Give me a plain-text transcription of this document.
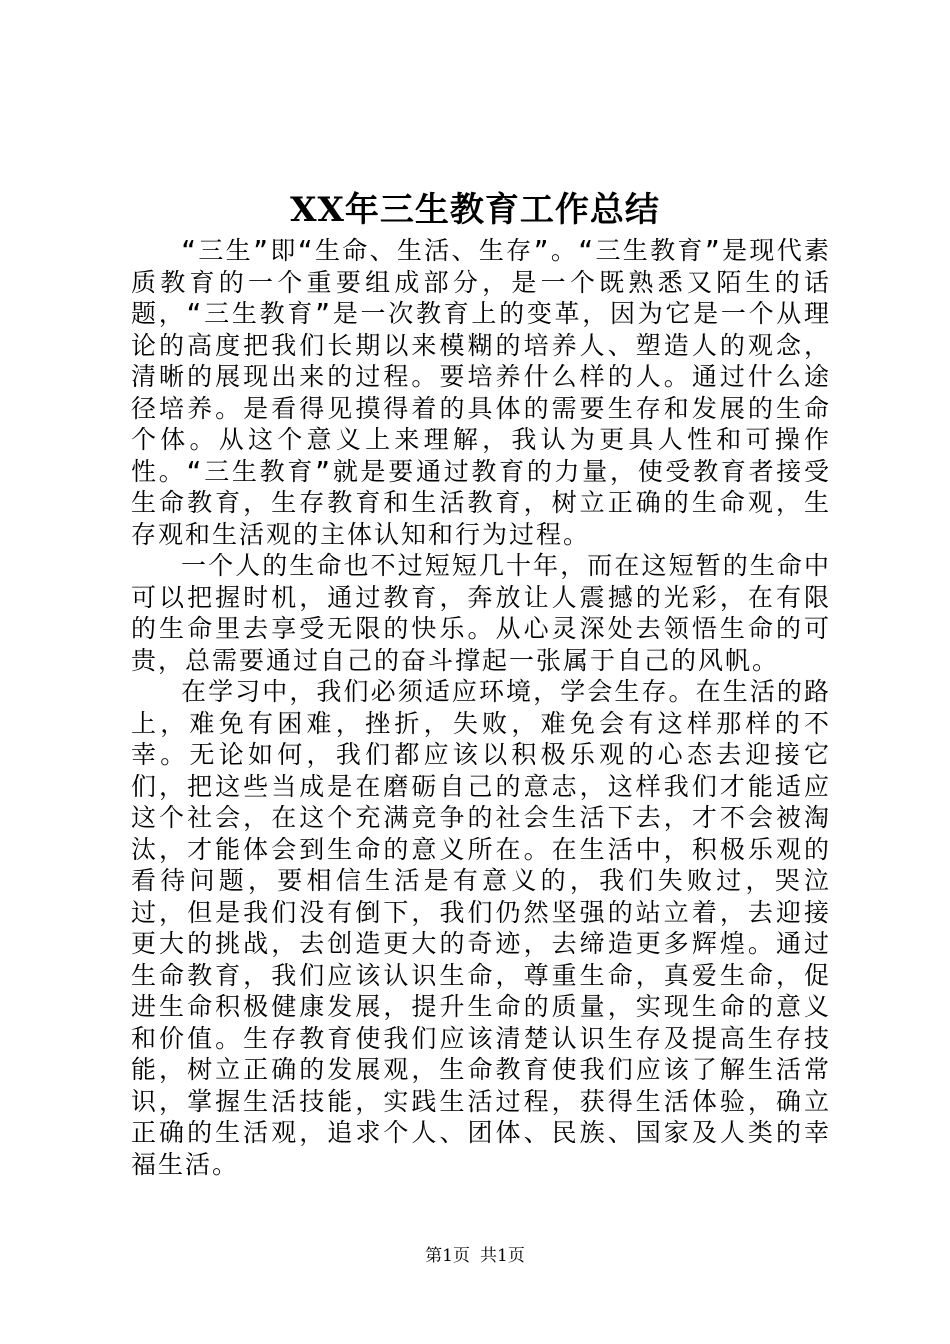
XX年三生教育工作总结

“三生”即“生命、生活、生存”。“三生教育”是现代素质教育的一个重要组成部分，是一个既熟悉又陌生的话题，“三生教育”是一次教育上的变革，因为它是一个从理论的高度把我们长期以来模糊的培养人、塑造人的观念，清晰的展现出来的过程。要培养什么样的人。通过什么途径培养。是看得见摸得着的具体的需要生存和发展的生命个体。从这个意义上来理解，我认为更具人性和可操作性。“三生教育”就是要通过教育的力量，使受教育者接受生命教育，生存教育和生活教育，树立正确的生命观，生存观和生活观的主体认知和行为过程。

一个人的生命也不过短短几十年，而在这短暂的生命中可以把握时机，通过教育，奔放让人震撼的光彩，在有限的生命里去享受无限的快乐。从心灵深处去领悟生命的可贵，总需要通过自己的奋斗撑起一张属于自己的风帆。

在学习中，我们必须适应环境，学会生存。在生活的路上，难免有困难，挫折，失败，难免会有这样那样的不幸。无论如何，我们都应该以积极乐观的心态去迎接它们，把这些当成是在磨砺自己的意志，这样我们才能适应这个社会，在这个充满竞争的社会生活下去，才不会被淘汰，才能体会到生命的意义所在。在生活中，积极乐观的看待问题，要相信生活是有意义的，我们失败过，哭泣过，但是我们没有倒下，我们仍然坚强的站立着，去迎接更大的挑战，去创造更大的奇迹，去缔造更多辉煌。通过生命教育，我们应该认识生命，尊重生命，真爱生命，促进生命积极健康发展，提升生命的质量，实现生命的意义和价值。生存教育使我们应该清楚认识生存及提高生存技能，树立正确的发展观，生命教育使我们应该了解生活常识，掌握生活技能，实践生活过程，获得生活体验，确立正确的生活观，追求个人、团体、民族、国家及人类的幸福生活。

第1页 共1页
